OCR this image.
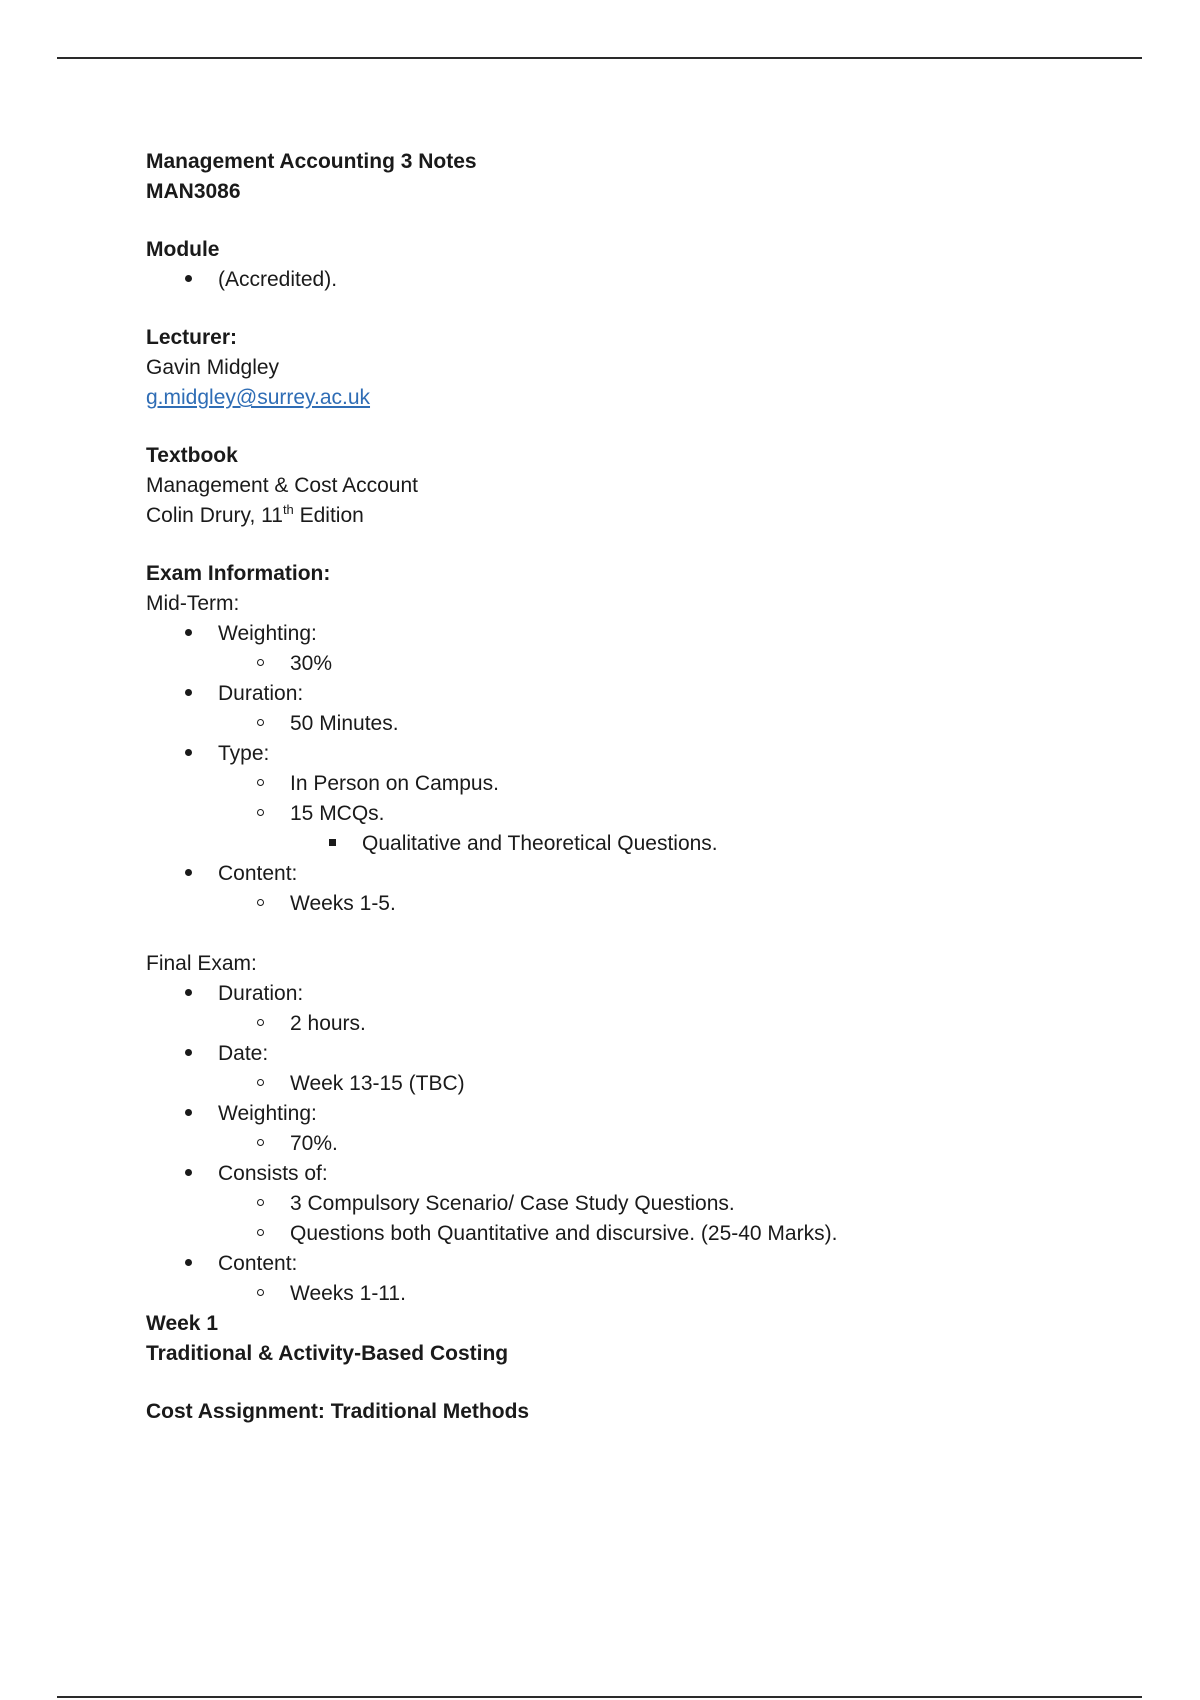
Management Accounting 3 Notes
MAN3086
Module
(Accredited).
Lecturer:
Gavin Midgley
g.midgley@surrey.ac.uk
Textbook
Management & Cost Account
Colin Drury, 11th Edition
Exam Information:
Mid-Term:
Weighting:
30%
Duration:
50 Minutes.
Type:
In Person on Campus.
15 MCQs.
Qualitative and Theoretical Questions.
Content:
Weeks 1-5.
Final Exam:
Duration:
2 hours.
Date:
Week 13-15 (TBC)
Weighting:
70%.
Consists of:
3 Compulsory Scenario/ Case Study Questions.
Questions both Quantitative and discursive. (25-40 Marks).
Content:
Weeks 1-11.
Week 1
Traditional & Activity-Based Costing
Cost Assignment: Traditional Methods
